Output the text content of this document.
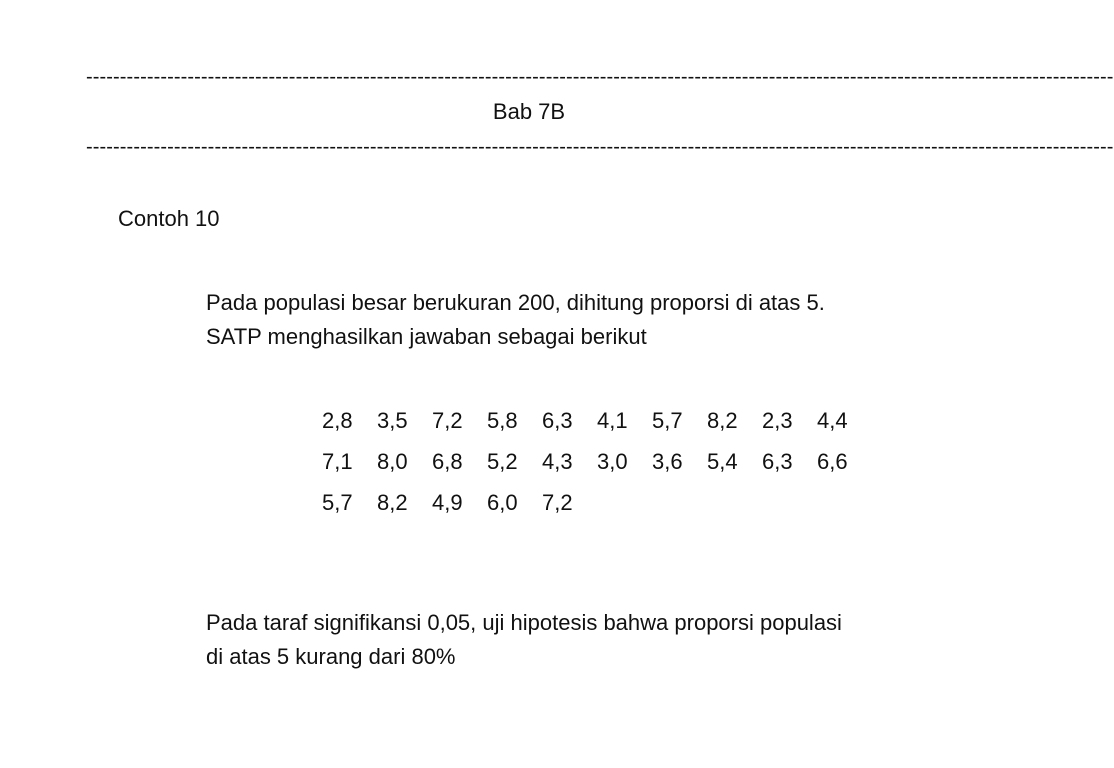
--------------------------------------------------------------------------------------------------------------------------------------------------------
Bab 7B
--------------------------------------------------------------------------------------------------------------------------------------------------------
Contoh 10
Pada populasi besar berukuran 200, dihitung proporsi di atas 5.
SATP menghasilkan jawaban sebagai berikut
2,8	3,5	7,2	5,8	6,3	4,1	5,7	8,2	2,3	4,4
7,1	8,0	6,8	5,2	4,3	3,0	3,6	5,4	6,3	6,6
5,7	8,2	4,9	6,0	7,2					
Pada taraf signifikansi 0,05, uji hipotesis bahwa proporsi populasi
di atas 5 kurang dari 80%
